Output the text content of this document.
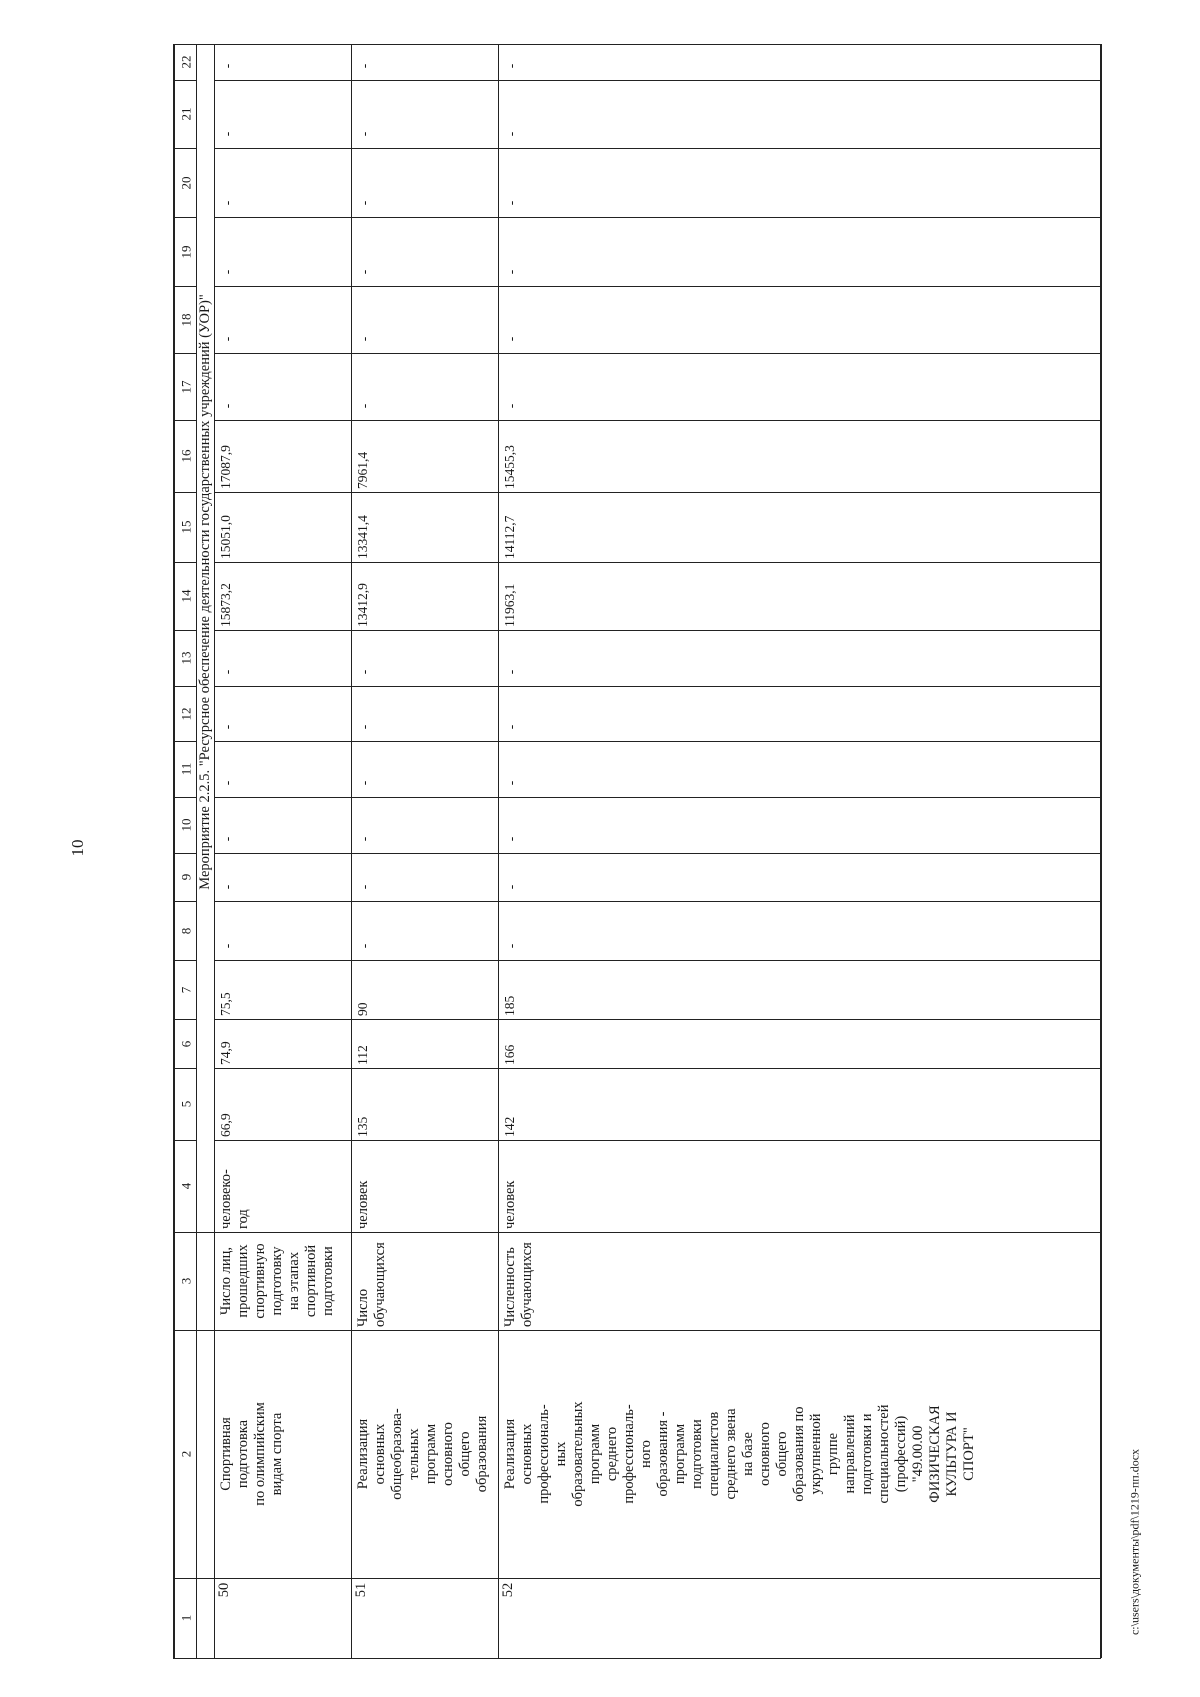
10
c:\users\документы\pdf\1219-пп.docx
1
2
3
4
5
6
7
8
9
10
11
12
13
14
15
16
17
18
19
20
21
22
Мероприятие 2.2.5. "Ресурсное обеспечение деятельности государственных учреждений (УОР)"
50
Спортивная подготовка по олимпийским видам спорта
Число лиц, прошедших спортивную подготовку на этапах спортивной подготовки
человеко- год
66,9
74,9
75,5
-
-
-
-
-
-
15873,2
15051,0
17087,9
-
-
-
-
-
-
51
Реализация основных общеобразова- тельных программ основного общего образования
Число обучающихся
человек
135
112
90
-
-
-
-
-
-
13412,9
13341,4
7961,4
-
-
-
-
-
-
52
Реализация основных профессиональ- ных образовательных программ среднего профессиональ- ного образования - программ подготовки специалистов среднего звена на базе основного общего образования по укрупненной группе направлений подготовки и специальностей (профессий) "49.00.00 ФИЗИЧЕСКАЯ КУЛЬТУРА И СПОРТ"
Численность обучающихся
человек
142
166
185
-
-
-
-
-
-
11963,1
14112,7
15455,3
-
-
-
-
-
-
